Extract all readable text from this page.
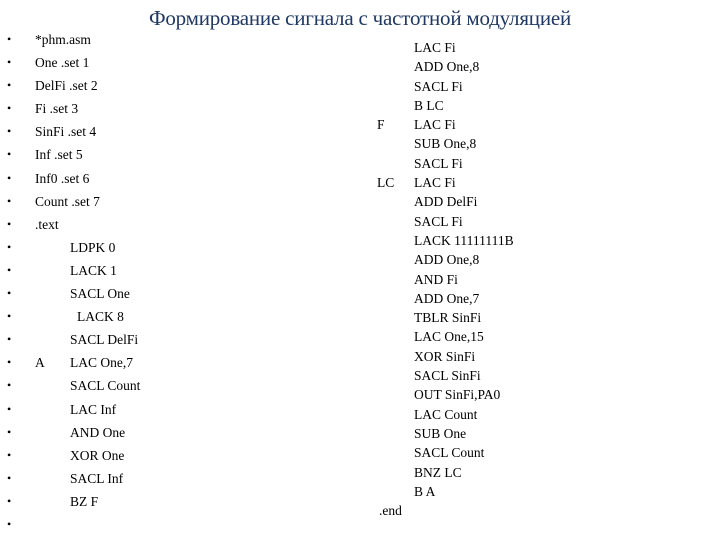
Формирование сигнала с частотной модуляцией
• *phm.asm
• One .set 1
• DelFi .set 2
• Fi .set 3
• SinFi .set 4
• Inf .set 5
• Inf0 .set 6
• Count .set 7
• .text
•	LDPK 0
•	LACK 1
•	SACL One
•	LACK 8
•	SACL DelFi
• A LAC One,7
•	SACL Count
•	LAC Inf
•	AND One
•	XOR One
•	SACL Inf
•	BZ F
•
LAC Fi
ADD One,8
SACL Fi
B LC
F LAC Fi
SUB One,8
SACL Fi
LC LAC Fi
ADD DelFi
SACL Fi
LACK 11111111B
ADD One,8
AND Fi
ADD One,7
TBLR SinFi
LAC One,15
XOR SinFi
SACL SinFi
OUT SinFi,PA0
LAC Count
SUB One
SACL Count
BNZ LC
B A
.end
